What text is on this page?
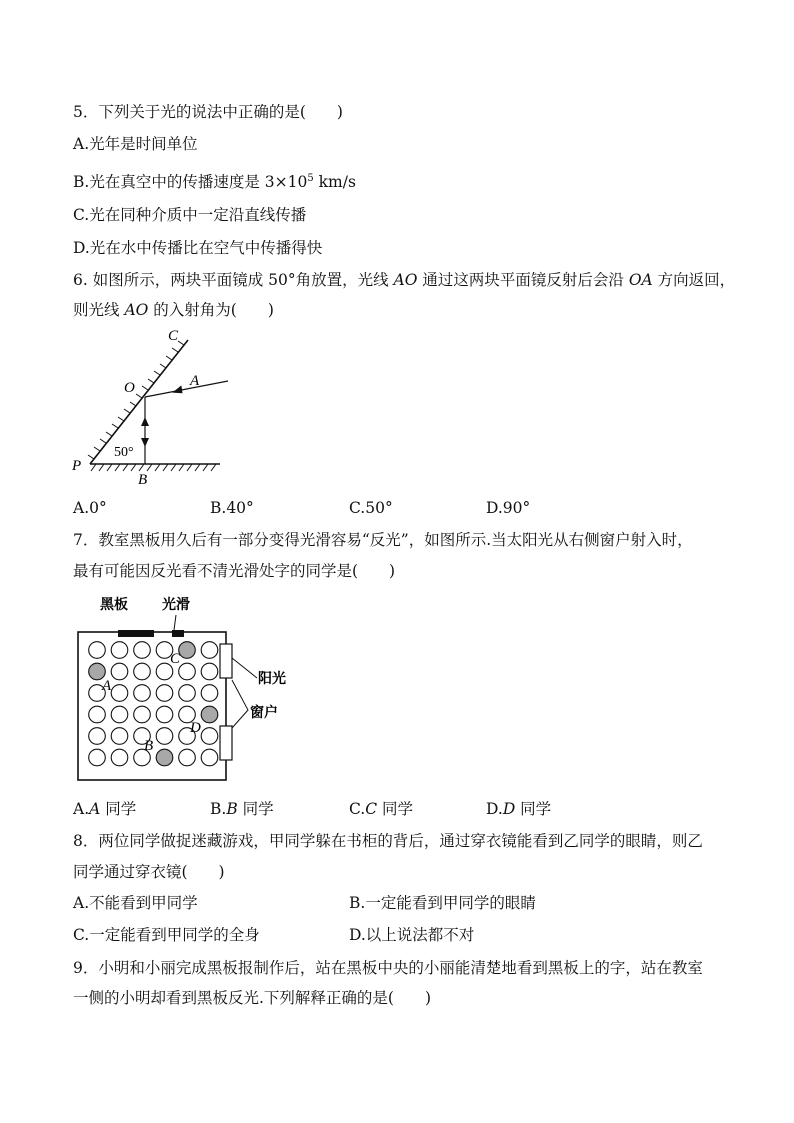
5．下列关于光的说法中正确的是(　　)
A.光年是时间单位
B.光在真空中的传播速度是 $3\times 10^5$ km/s
C.光在同种介质中一定沿直线传播
D.光在水中传播比在空气中传播得快
6. 如图所示，两块平面镜成 50°角放置，光线 AO 通过这两块平面镜反射后会沿 OA 方向返回，
则光线 AO 的入射角为(　　)
C
O	A
P
B
50°
A.0°	B.40°	C.50°	D.90°
7．教室黑板用久后有一部分变得光滑容易“反光”，如图所示.当太阳光从右侧窗户射入时，
最有可能因反光看不清光滑处字的同学是(　　)
C
A
D
B
黑板 光滑
阳光
窗户
A.A 同学	B.B 同学	C.C 同学	D.D 同学
8．两位同学做捉迷藏游戏，甲同学躲在书柜的背后，通过穿衣镜能看到乙同学的眼睛，则乙
同学通过穿衣镜(　　)
A.不能看到甲同学	B.一定能看到甲同学的眼睛
C.一定能看到甲同学的全身	D.以上说法都不对
9．小明和小丽完成黑板报制作后，站在黑板中央的小丽能清楚地看到黑板上的字，站在教室
一侧的小明却看到黑板反光.下列解释正确的是(　　)
